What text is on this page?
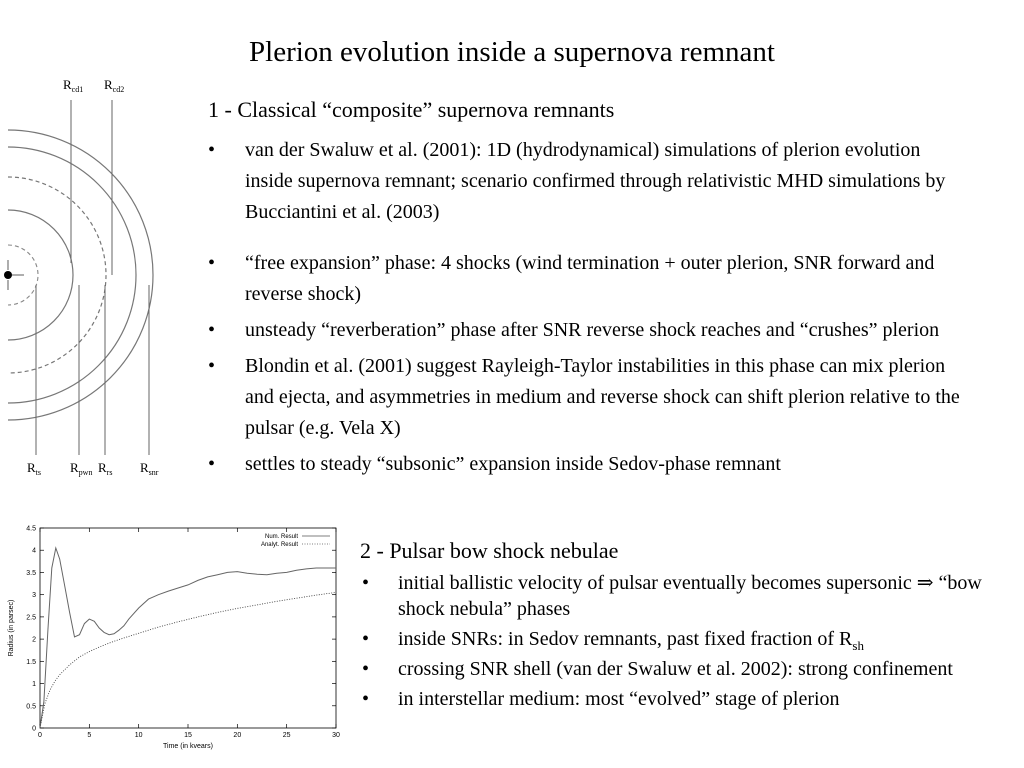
Plerion evolution inside a supernova remnant
$R_{cd1}$ $R_{cd2}$
$R_{ts}$ $R_{pwn}$ $R_{rs}$ $R_{snr}$
1 - Classical “composite” supernova remnants
• van der Swaluw et al. (2001): 1D (hydrodynamical) simulations of plerion evolution inside supernova remnant; scenario confirmed through relativistic MHD simulations by Bucciantini et al. (2003)
• “free expansion” phase: 4 shocks (wind termination + outer plerion, SNR forward and reverse shock)
• unsteady “reverberation” phase after SNR reverse shock reaches and “crushes” plerion
• Blondin et al. (2001) suggest Rayleigh-Taylor instabilities in this phase can mix plerion and ejecta, and asymmetries in medium and reverse shock can shift plerion relative to the pulsar (e.g. Vela X)
• settles to steady “subsonic” expansion inside Sedov-phase remnant
0	5	10	15	20	25	30
0
0.5
1
1.5
2
2.5
3
3.5
4
4.5
Time (in kvears)
Radius (in parsec)
Num. Result
Analyt. Result	2 - Pulsar bow shock nebulae
• initial ballistic velocity of pulsar eventually becomes supersonic ⇒ “bow shock nebula” phases
• inside SNRs: in Sedov remnants, past fixed fraction of $R_{sh}$
• crossing SNR shell (van der Swaluw et al. 2002): strong confinement
• in interstellar medium: most “evolved” stage of plerion
